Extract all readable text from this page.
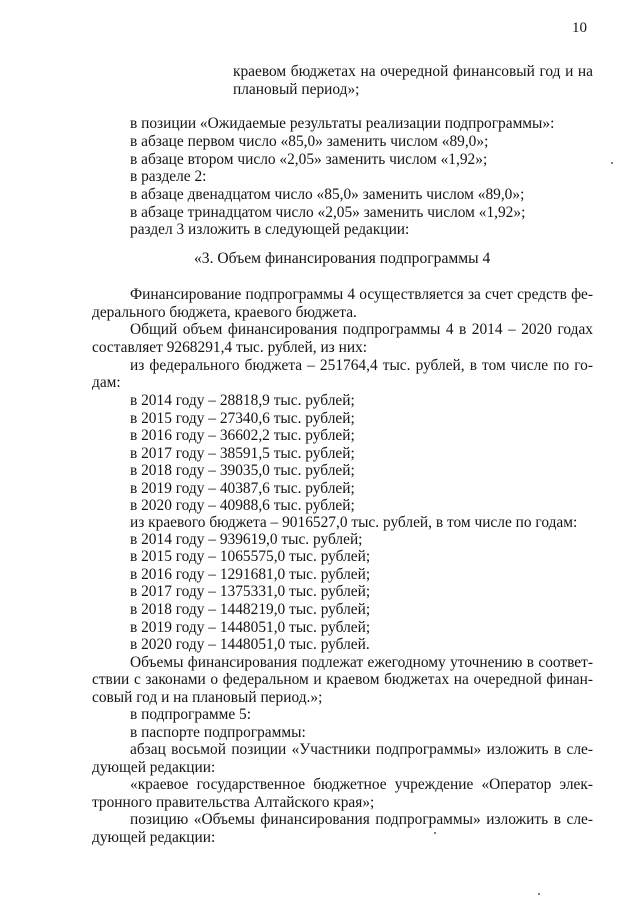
10
краевом бюджетах на очередной финансовый год и на
плановый период»;
в позиции «Ожидаемые результаты реализации подпрограммы»:
в абзаце первом число «85,0» заменить числом «89,0»;
в абзаце втором число «2,05» заменить числом «1,92»;
в разделе 2:
в абзаце двенадцатом число «85,0» заменить числом «89,0»;
в абзаце тринадцатом число «2,05» заменить числом «1,92»;
раздел 3 изложить в следующей редакции:
«3. Объем финансирования подпрограммы 4
Финансирование подпрограммы 4 осуществляется за счет средств фе-
дерального бюджета, краевого бюджета.
Общий объем финансирования подпрограммы 4 в 2014 – 2020 годах
составляет 9268291,4 тыс. рублей, из них:
из федерального бюджета – 251764,4 тыс. рублей, в том числе по го-
дам:
в 2014 году – 28818,9 тыс. рублей;
в 2015 году – 27340,6 тыс. рублей;
в 2016 году – 36602,2 тыс. рублей;
в 2017 году – 38591,5 тыс. рублей;
в 2018 году – 39035,0 тыс. рублей;
в 2019 году – 40387,6 тыс. рублей;
в 2020 году – 40988,6 тыс. рублей;
из краевого бюджета – 9016527,0 тыс. рублей, в том числе по годам:
в 2014 году – 939619,0 тыс. рублей;
в 2015 году – 1065575,0 тыс. рублей;
в 2016 году – 1291681,0 тыс. рублей;
в 2017 году – 1375331,0 тыс. рублей;
в 2018 году – 1448219,0 тыс. рублей;
в 2019 году – 1448051,0 тыс. рублей;
в 2020 году – 1448051,0 тыс. рублей.
Объемы финансирования подлежат ежегодному уточнению в соответ-
ствии с законами о федеральном и краевом бюджетах на очередной финан-
совый год и на плановый период.»;
в подпрограмме 5:
в паспорте подпрограммы:
абзац восьмой позиции «Участники подпрограммы» изложить в сле-
дующей редакции:
«краевое государственное бюджетное учреждение «Оператор элек-
тронного правительства Алтайского края»;
позицию «Объемы финансирования подпрограммы» изложить в сле-
дующей редакции:
